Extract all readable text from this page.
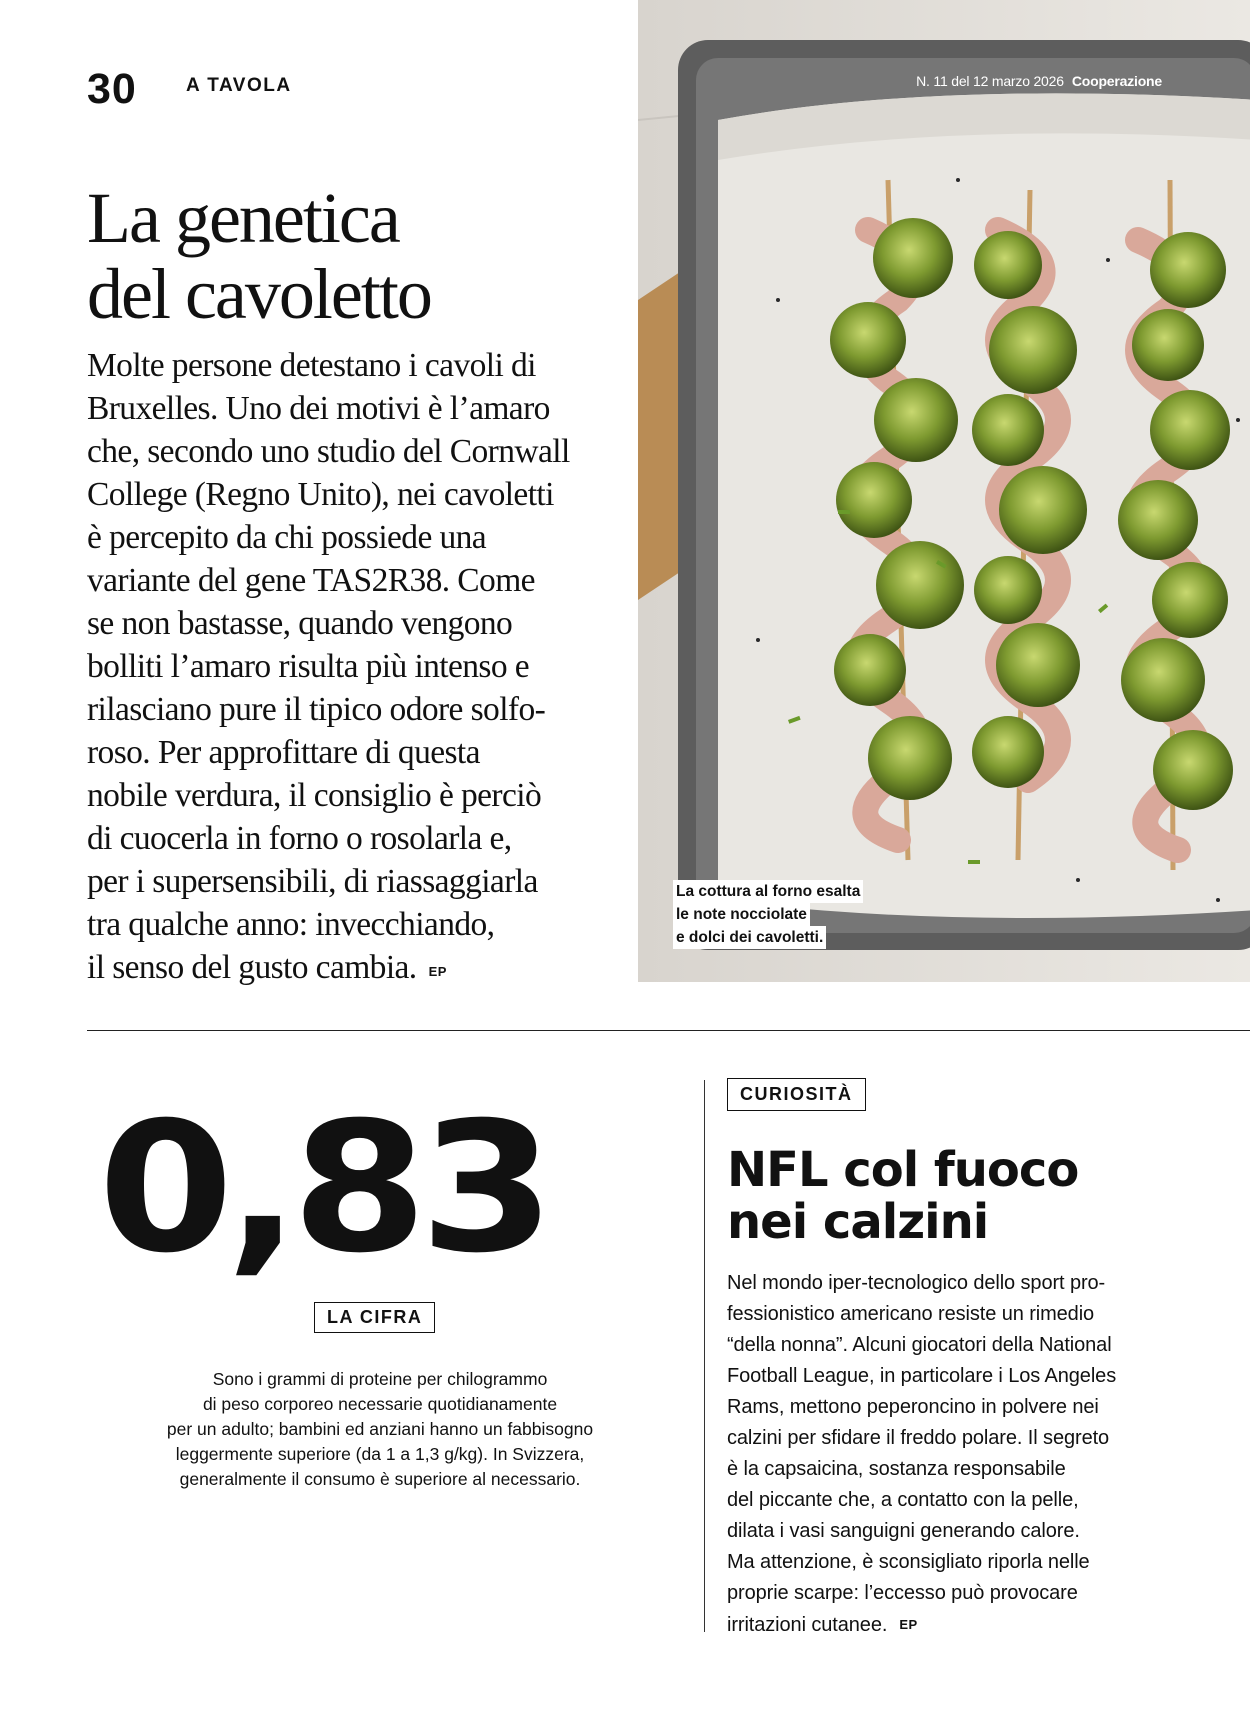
30	A TAVOLA
La genetica
del cavoletto

Molte persone detestano i cavoli di
Bruxelles. Uno dei motivi è l’amaro
che, secondo uno studio del Cornwall
College (Regno Unito), nei cavoletti
è percepito da chi possiede una
variante del gene TAS2R38. Come
se non bastasse, quando vengono
bolliti l’amaro risulta più intenso e
rilasciano pure il tipico odore solfo-
roso. Per approfittare di questa
nobile verdura, il consiglio è perciò
di cuocerla in forno o rosolarla e,
per i supersensibili, di riassaggiarla
tra qualche anno: invecchiando,
il senso del gusto cambia. EP

N. 11 del 12 marzo 2026 Cooperazione
La cottura al forno esalta
le note nocciolate
e dolci dei cavoletti.
0,83
LA CIFRA

Sono i grammi di proteine per chilogrammo
di peso corporeo necessarie quotidianamente
per un adulto; bambini ed anziani hanno un fabbisogno
leggermente superiore (da 1 a 1,3 g/kg). In Svizzera,
generalmente il consumo è superiore al necessario.

CURIOSITÀ
NFL col fuoco
nei calzini

Nel mondo iper-tecnologico dello sport pro-
fessionistico americano resiste un rimedio
“della nonna”. Alcuni giocatori della National
Football League, in particolare i Los Angeles
Rams, mettono peperoncino in polvere nei
calzini per sfidare il freddo polare. Il segreto
è la capsaicina, sostanza responsabile
del piccante che, a contatto con la pelle,
dilata i vasi sanguigni generando calore.
Ma attenzione, è sconsigliato riporla nelle
proprie scarpe: l’eccesso può provocare
irritazioni cutanee. EP
